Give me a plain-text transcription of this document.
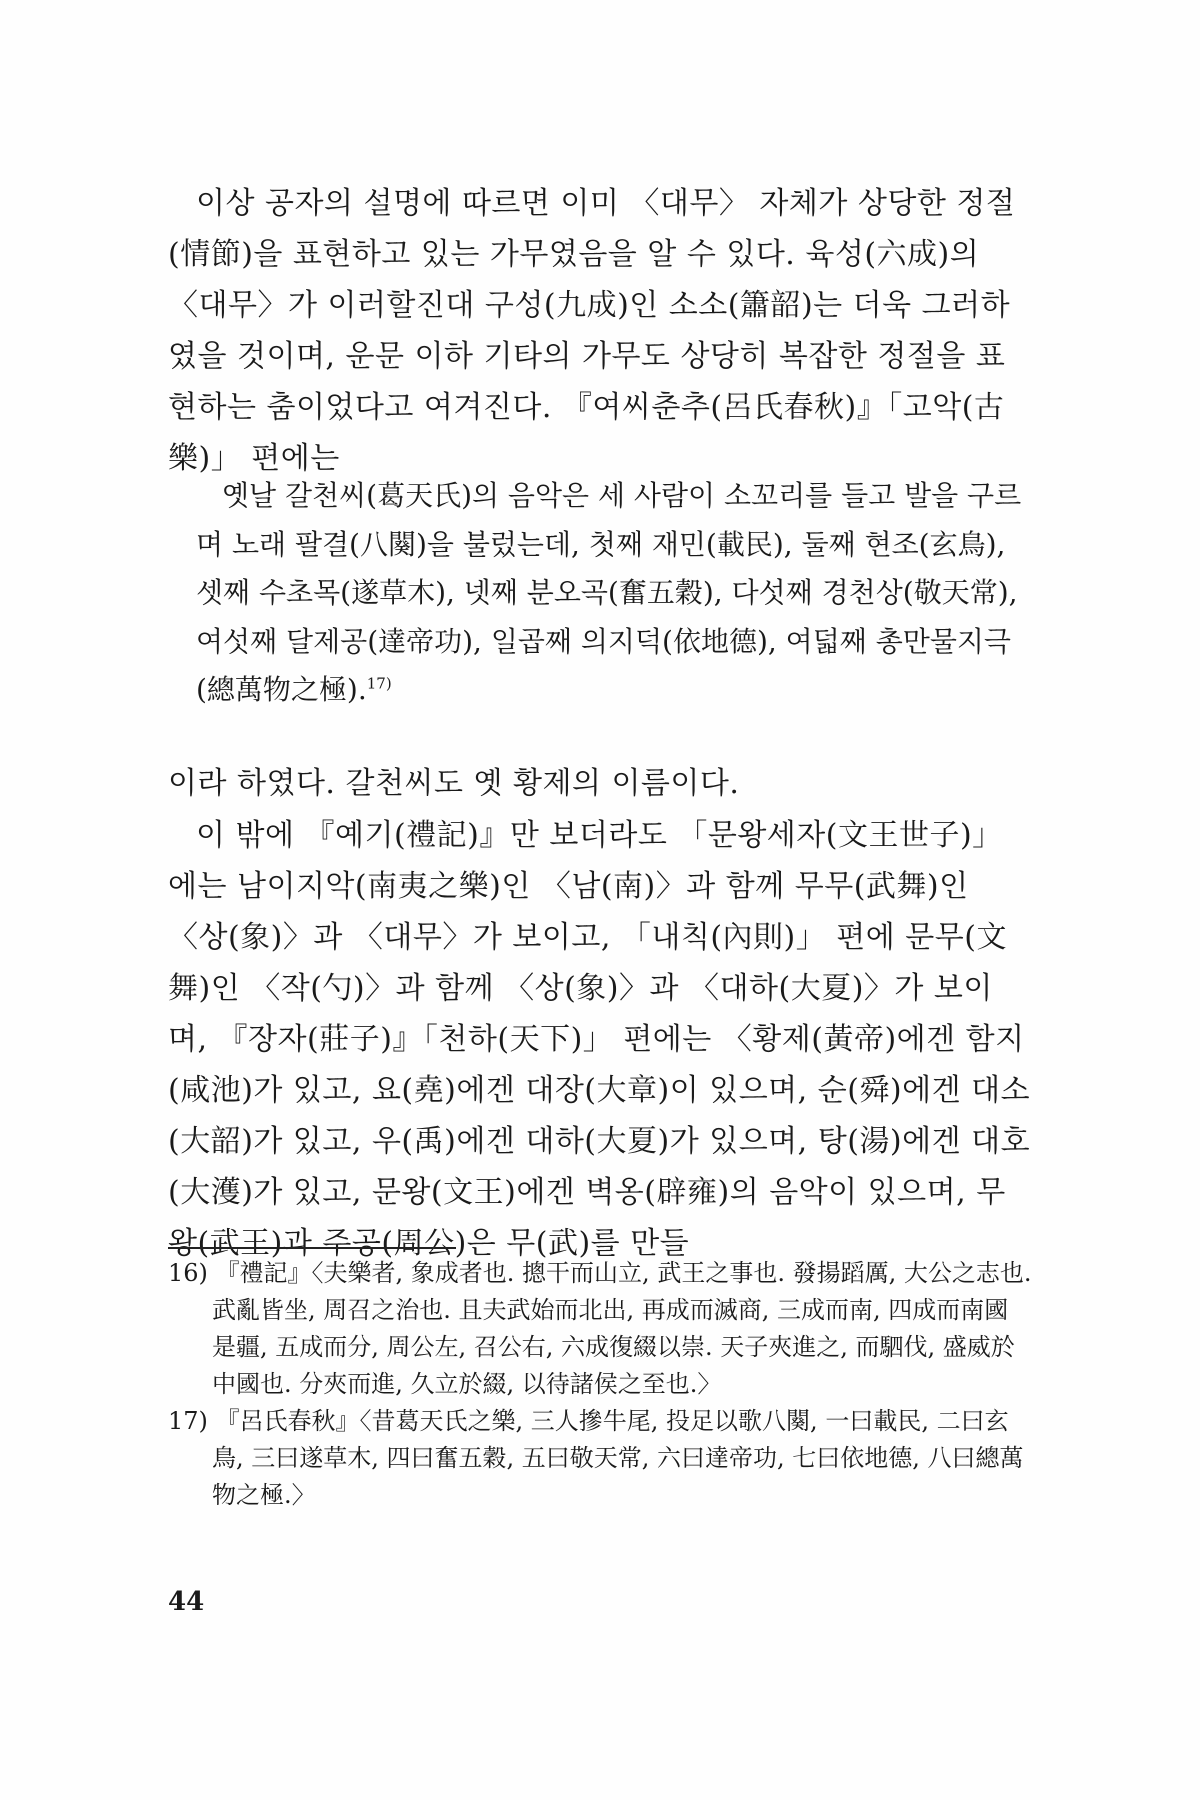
이상 공자의 설명에 따르면 이미 〈대무〉 자체가 상당한 정절(情節)을 표현하고 있는 가무였음을 알 수 있다. 육성(六成)의 〈대무〉가 이러할진대 구성(九成)인 소소(簫韶)는 더욱 그러하였을 것이며, 운문 이하 기타의 가무도 상당히 복잡한 정절을 표현하는 춤이었다고 여겨진다. 『여씨춘추(呂氏春秋)』「고악(古樂)」 편에는

옛날 갈천씨(葛天氏)의 음악은 세 사람이 소꼬리를 들고 발을 구르며 노래 팔결(八闋)을 불렀는데, 첫째 재민(載民), 둘째 현조(玄鳥), 셋째 수초목(遂草木), 넷째 분오곡(奮五穀), 다섯째 경천상(敬天常), 여섯째 달제공(達帝功), 일곱째 의지덕(依地德), 여덟째 총만물지극(總萬物之極).$^{17)}$

이라 하였다. 갈천씨도 옛 황제의 이름이다.

이 밖에 『예기(禮記)』만 보더라도 「문왕세자(文王世子)」에는 남이지악(南夷之樂)인 〈남(南)〉과 함께 무무(武舞)인 〈상(象)〉과 〈대무〉가 보이고, 「내칙(內則)」 편에 문무(文舞)인 〈작(勺)〉과 함께 〈상(象)〉과 〈대하(大夏)〉가 보이며, 『장자(莊子)』「천하(天下)」 편에는 〈황제(黃帝)에겐 함지(咸池)가 있고, 요(堯)에겐 대장(大章)이 있으며, 순(舜)에겐 대소(大韶)가 있고, 우(禹)에겐 대하(大夏)가 있으며, 탕(湯)에겐 대호(大濩)가 있고, 문왕(文王)에겐 벽옹(辟雍)의 음악이 있으며, 무왕(武王)과 주공(周公)은 무(武)를 만들

16) 『禮記』〈夫樂者, 象成者也. 摠干而山立, 武王之事也. 發揚蹈厲, 大公之志也. 武亂皆坐, 周召之治也. 且夫武始而北出, 再成而滅商, 三成而南, 四成而南國是疆, 五成而分, 周公左, 召公右, 六成復綴以崇. 天子夾進之, 而駟伐, 盛威於中國也. 分夾而進, 久立於綴, 以待諸侯之至也.〉

17) 『呂氏春秋』〈昔葛天氏之樂, 三人摻牛尾, 投足以歌八闋, 一曰載民, 二曰玄鳥, 三曰遂草木, 四曰奮五穀, 五曰敬天常, 六曰達帝功, 七曰依地德, 八曰總萬物之極.〉

44
